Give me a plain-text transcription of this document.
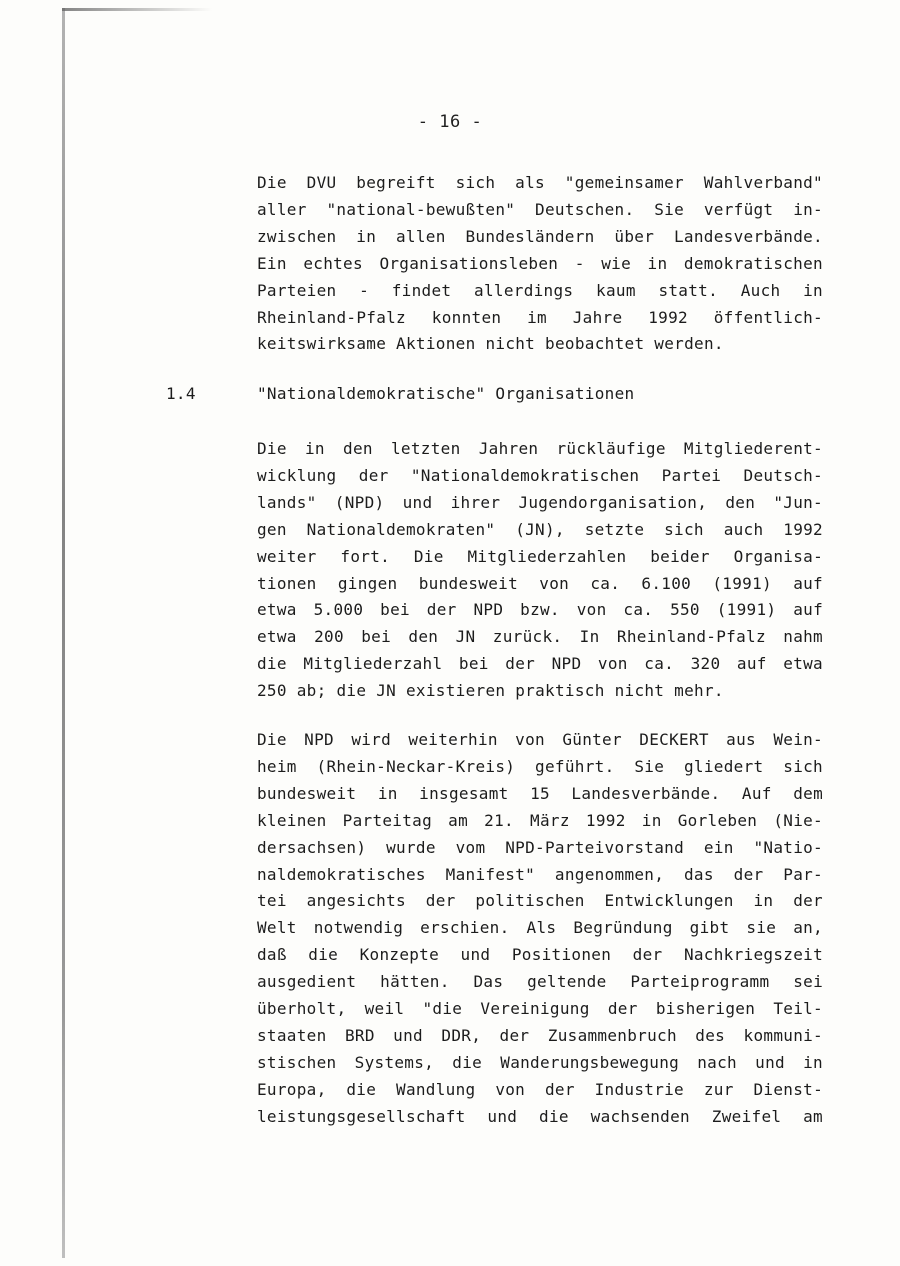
- 16 -
Die DVU begreift sich als "gemeinsamer Wahlverband"
aller "national-bewußten" Deutschen. Sie verfügt in-
zwischen in allen Bundesländern über Landesverbände.
Ein echtes Organisationsleben - wie in demokratischen
Parteien - findet allerdings kaum statt. Auch in
Rheinland-Pfalz konnten im Jahre 1992 öffentlich-
keitswirksame Aktionen nicht beobachtet werden.
1.4	"Nationaldemokratische" Organisationen
Die in den letzten Jahren rückläufige Mitgliederent-
wicklung der "Nationaldemokratischen Partei Deutsch-
lands" (NPD) und ihrer Jugendorganisation, den "Jun-
gen Nationaldemokraten" (JN), setzte sich auch 1992
weiter fort. Die Mitgliederzahlen beider Organisa-
tionen gingen bundesweit von ca. 6.100 (1991) auf
etwa 5.000 bei der NPD bzw. von ca. 550 (1991) auf
etwa 200 bei den JN zurück. In Rheinland-Pfalz nahm
die Mitgliederzahl bei der NPD von ca. 320 auf etwa
250 ab; die JN existieren praktisch nicht mehr.
Die NPD wird weiterhin von Günter DECKERT aus Wein-
heim (Rhein-Neckar-Kreis) geführt. Sie gliedert sich
bundesweit in insgesamt 15 Landesverbände. Auf dem
kleinen Parteitag am 21. März 1992 in Gorleben (Nie-
dersachsen) wurde vom NPD-Parteivorstand ein "Natio-
naldemokratisches Manifest" angenommen, das der Par-
tei angesichts der politischen Entwicklungen in der
Welt notwendig erschien. Als Begründung gibt sie an,
daß die Konzepte und Positionen der Nachkriegszeit
ausgedient hätten. Das geltende Parteiprogramm sei
überholt, weil "die Vereinigung der bisherigen Teil-
staaten BRD und DDR, der Zusammenbruch des kommuni-
stischen Systems, die Wanderungsbewegung nach und in
Europa, die Wandlung von der Industrie zur Dienst-
leistungsgesellschaft und die wachsenden Zweifel am
